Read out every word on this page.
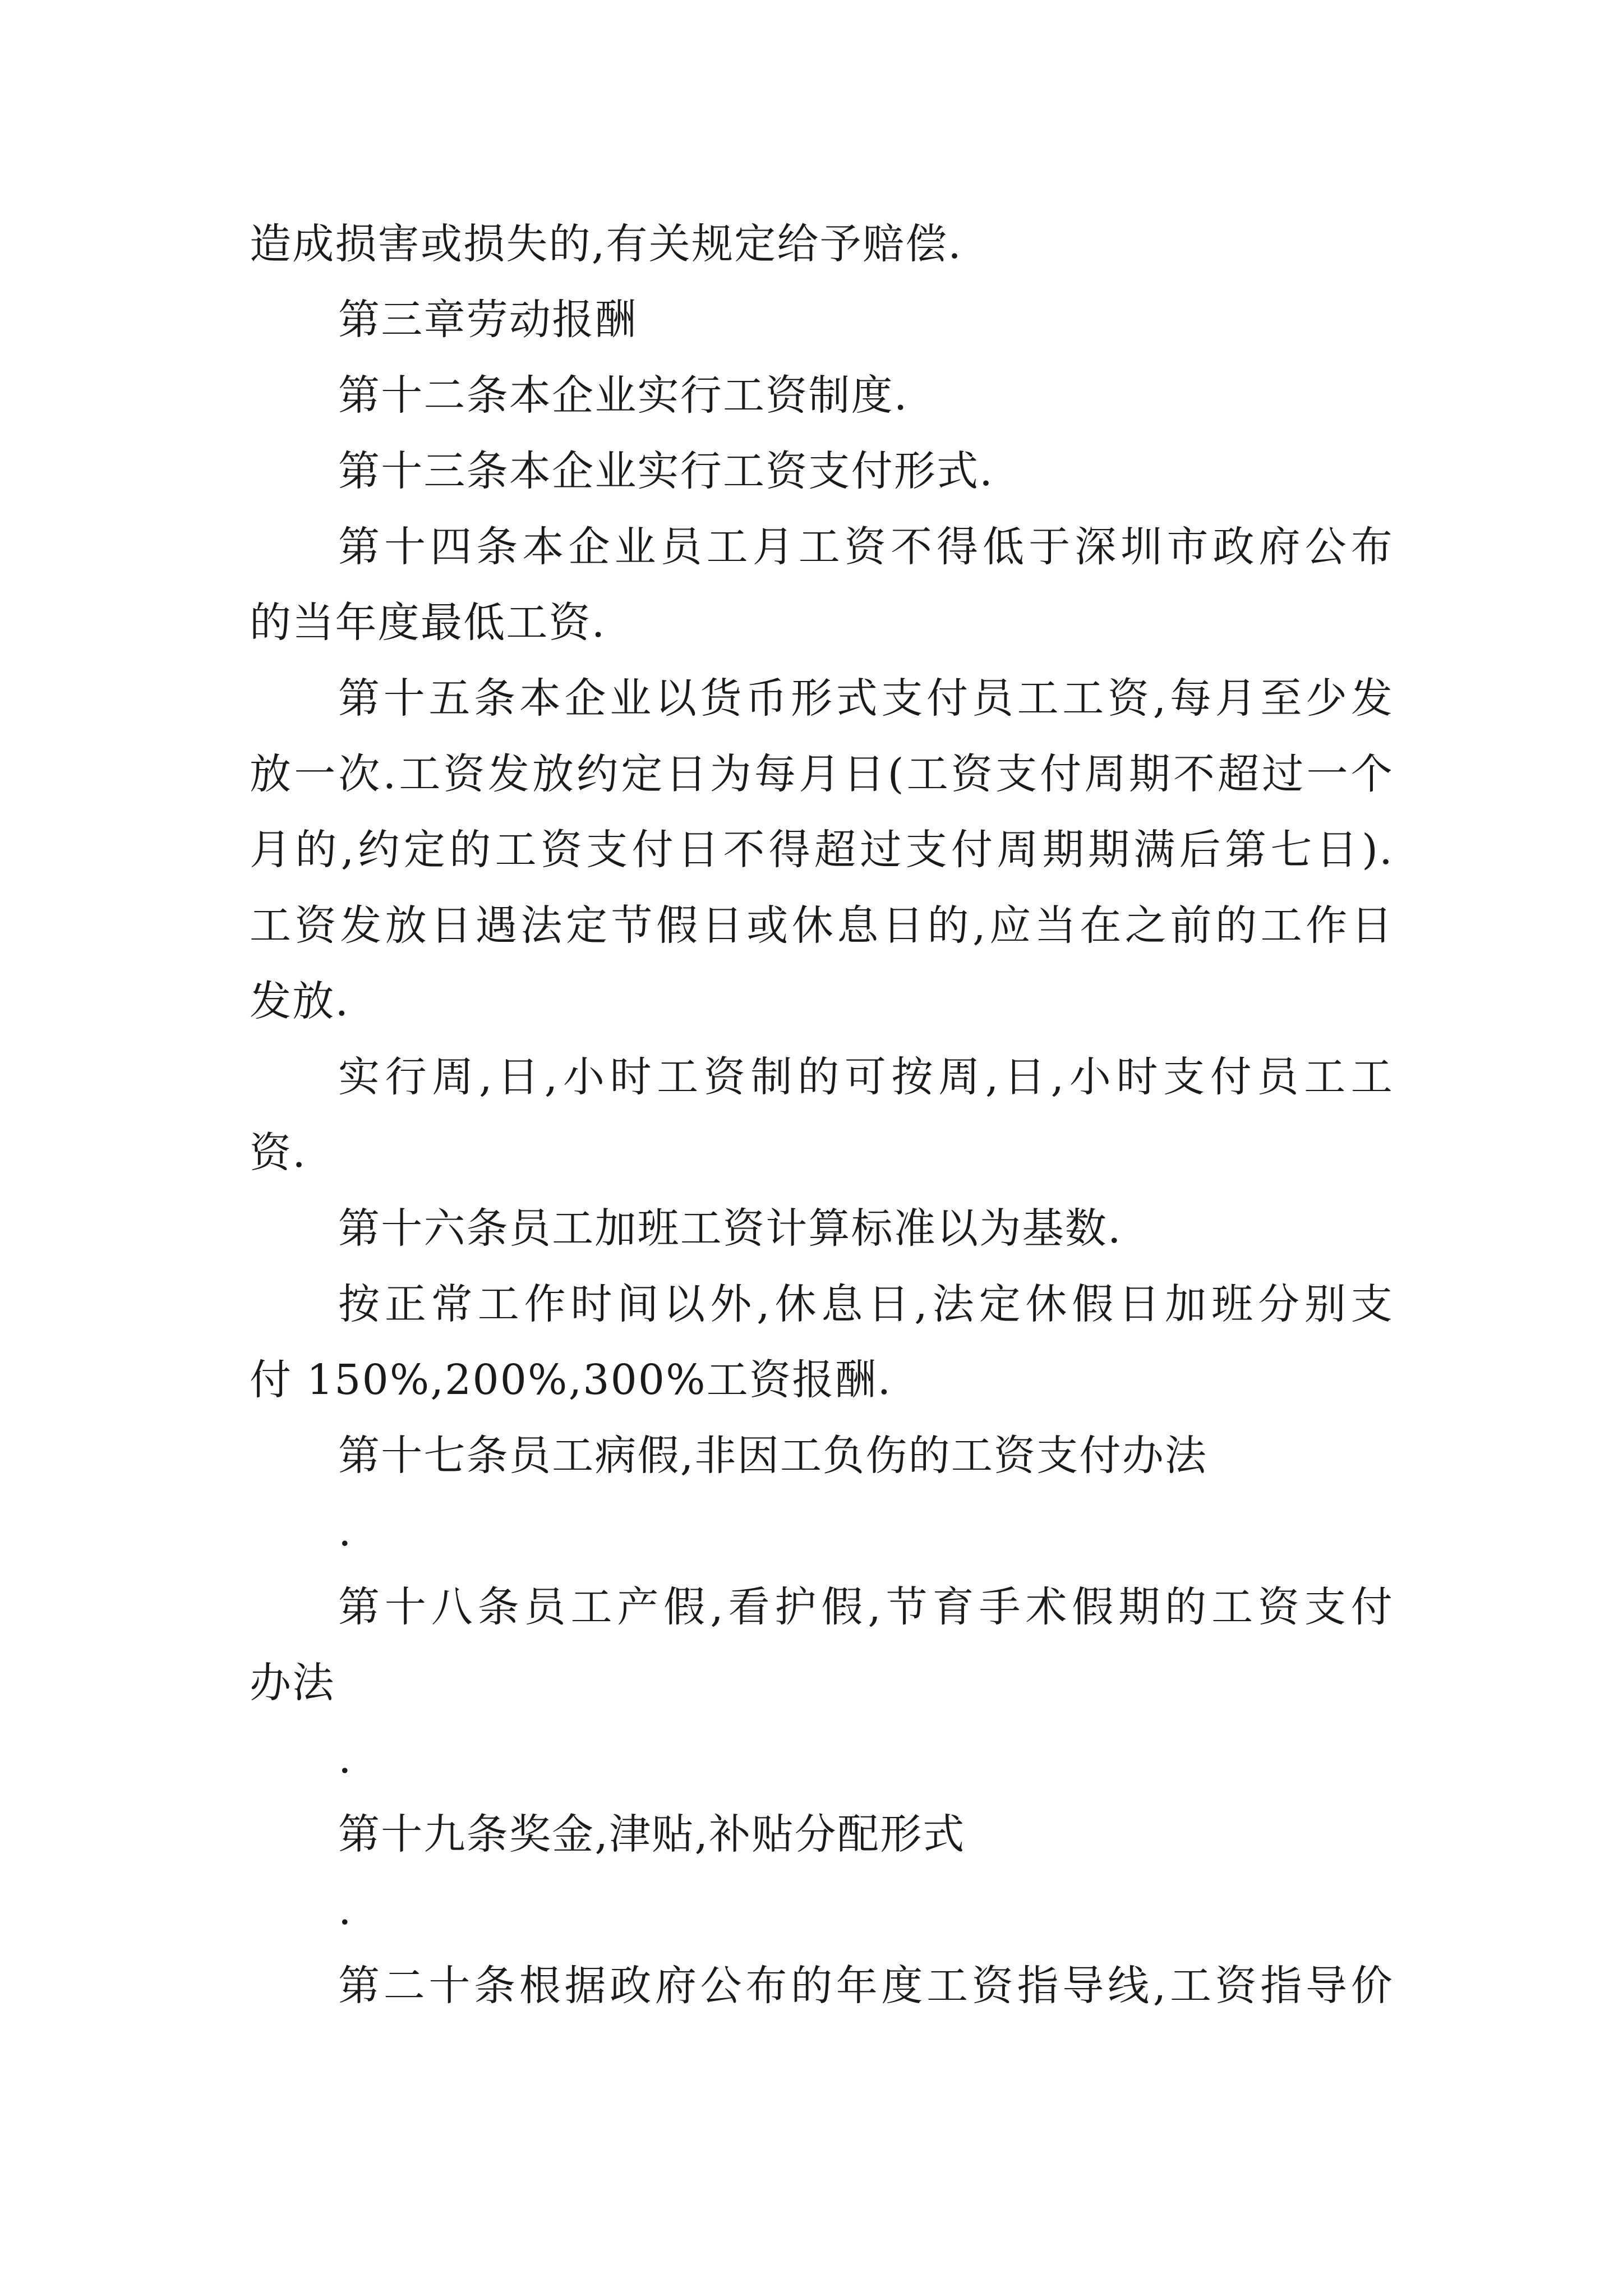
造成损害或损失的,有关规定给予赔偿.
第三章劳动报酬
第十二条本企业实行工资制度.
第十三条本企业实行工资支付形式.
第十四条本企业员工月工资不得低于深圳市政府公布
的当年度最低工资.
第十五条本企业以货币形式支付员工工资,每月至少发
放一次.工资发放约定日为每月日(工资支付周期不超过一个
月的,约定的工资支付日不得超过支付周期期满后第七日).
工资发放日遇法定节假日或休息日的,应当在之前的工作日
发放.
实行周,日,小时工资制的可按周,日,小时支付员工工
资.
第十六条员工加班工资计算标准以为基数.
按正常工作时间以外,休息日,法定休假日加班分别支
付 150%,200%,300%工资报酬.
第十七条员工病假,非因工负伤的工资支付办法
.
第十八条员工产假,看护假,节育手术假期的工资支付
办法
.
第十九条奖金,津贴,补贴分配形式
.
第二十条根据政府公布的年度工资指导线,工资指导价
